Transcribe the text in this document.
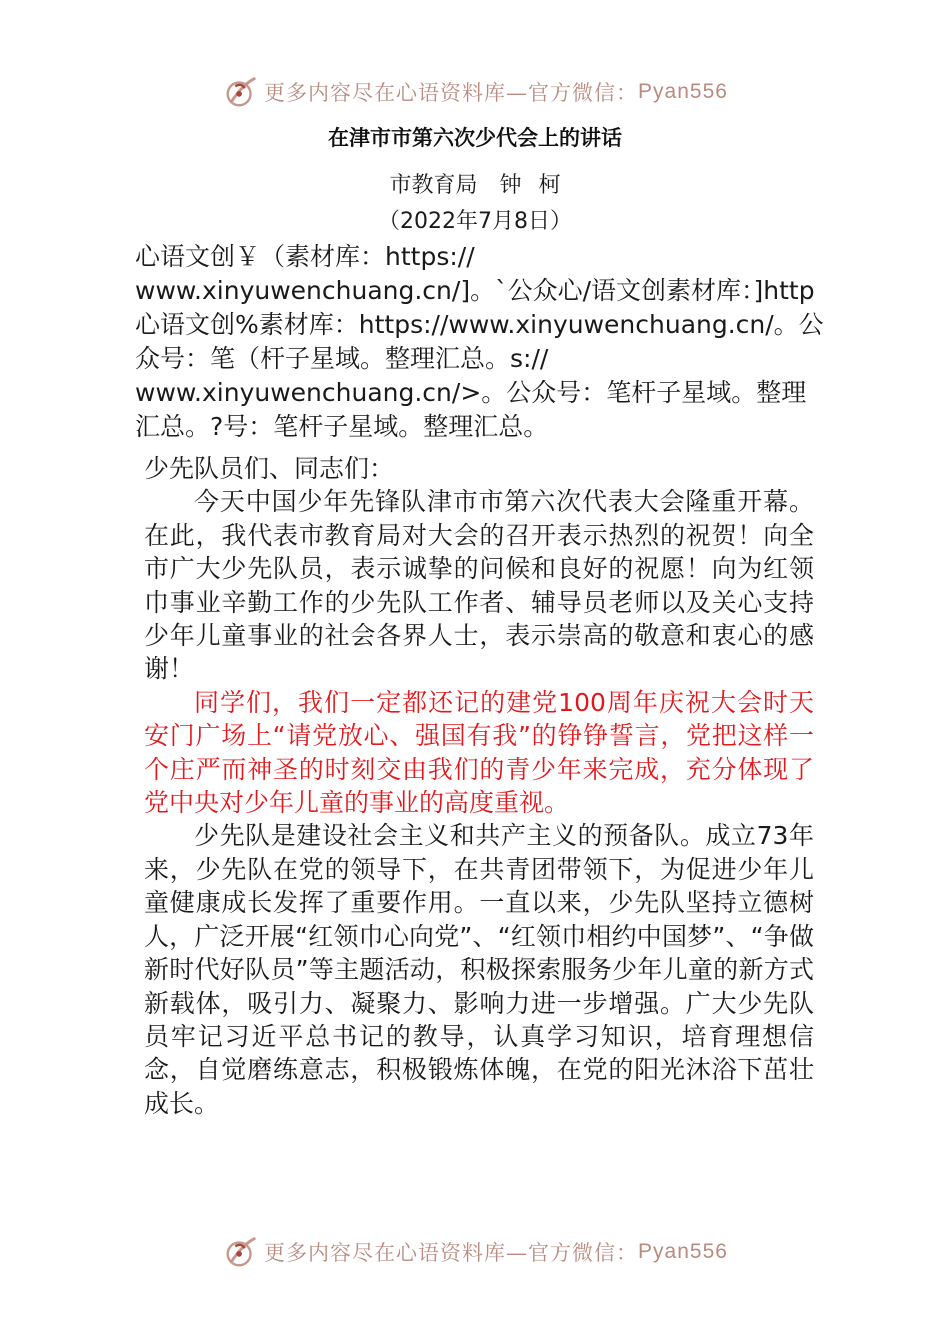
更多内容尽在心语资料库—官方微信： Pyan556
在津市市第六次少代会上的讲话
市教育局　钟 柯
（2022年7月8日）
心语文创￥（素材库：https://
www.xinyuwenchuang.cn/]。`公众心/语文创素材库：]http
心语文创%素材库：https://www.xinyuwenchuang.cn/。公
众号：笔（杆子星域。整理汇总。s://
www.xinyuwenchuang.cn/>。公众号：笔杆子星域。整理
汇总。?号：笔杆子星域。整理汇总。

少先队员们、同志们：

今天中国少年先锋队津市市第六次代表大会隆重开幕。在此，我代表市教育局对大会的召开表示热烈的祝贺！向全市广大少先队员，表示诚挚的问候和良好的祝愿！向为红领巾事业辛勤工作的少先队工作者、辅导员老师以及关心支持少年儿童事业的社会各界人士，表示崇高的敬意和衷心的感谢！

同学们，我们一定都还记的建党100周年庆祝大会时天安门广场上“请党放心、强国有我”的铮铮誓言，党把这样一个庄严而神圣的时刻交由我们的青少年来完成，充分体现了党中央对少年儿童的事业的高度重视。

少先队是建设社会主义和共产主义的预备队。成立73年来，少先队在党的领导下，在共青团带领下，为促进少年儿童健康成长发挥了重要作用。一直以来，少先队坚持立德树人，广泛开展“红领巾心向党”、“红领巾相约中国梦”、“争做新时代好队员”等主题活动，积极探索服务少年儿童的新方式新载体，吸引力、凝聚力、影响力进一步增强。广大少先队员牢记习近平总书记的教导，认真学习知识，培育理想信念，自觉磨练意志，积极锻炼体魄，在党的阳光沐浴下茁壮成长。

更多内容尽在心语资料库—官方微信： Pyan556
